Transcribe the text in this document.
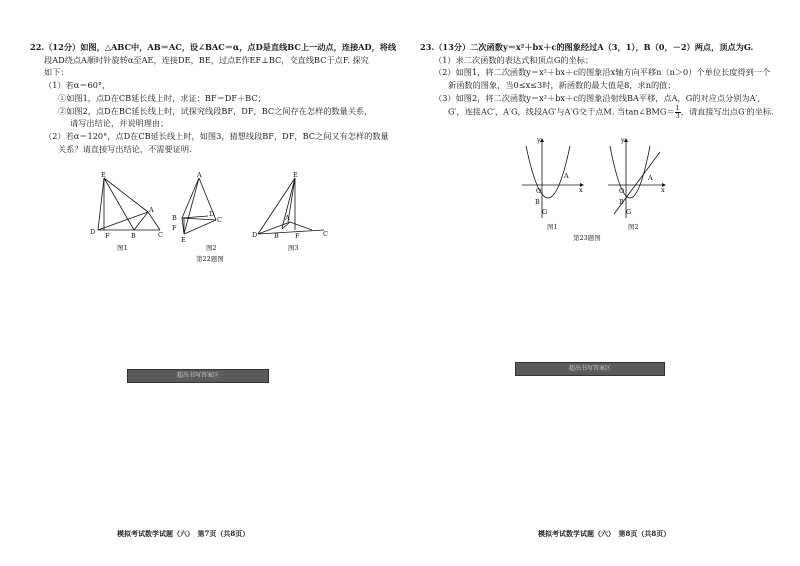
22.（12分）如图，△ABC中，AB＝AC，设∠BAC＝α，点D是直线BC上一动点，连接AD，将线
段AD绕点A顺时针旋转α至AE，连接DE，BE，过点E作EF⊥BC，交直线BC于点F. 探究
如下：
（1）若α＝60°，
①如图1，点D在CB延长线上时，求证：BF＝DF＋BC；
②如图2，点D在BC延长线上时，试探究线段BF，DF，BC之间存在怎样的数量关系，
请写出结论，并说明理由；
（2）若α＝120°，点D在CB延长线上时，如图3，猜想线段BF，DF，BC之间又有怎样的数量
关系？请直接写出结论，不需要证明.
E
A
D F	B	C
图1
A
B	C
D
F
E
图2
E
D	B F
A
C
图3
第22题图
超出书写答案区
模拟考试数学试题（六）　第7页（共8页）
23.（13分）二次函数y＝x²＋bx＋c的图象经过A（3，1），B（0，－2）两点，顶点为G.
（1）求二次函数的表达式和顶点G的坐标；
（2）如图1，将二次函数y＝x²＋bx＋c的图象沿x轴方向平移n（n＞0）个单位长度得到一个
新函数的图象，当0≤x≤3时，新函数的最大值是8，求n的值；
（3）如图2，将二次函数y＝x²＋bx＋c的图象沿射线BA平移，点A，G的对应点分别为A′，
G′，连接AC′，A′G，线段AG′与A′G交于点M. 当tan∠BMG＝ $\frac{1}{3}$ ，请直接写出点G′的坐标.
y
x
O
A
B
G
图1
y
x
O
A
B
G
图2
第23题图
超出书写答案区
模拟考试数学试题（六）　第8页（共8页）
